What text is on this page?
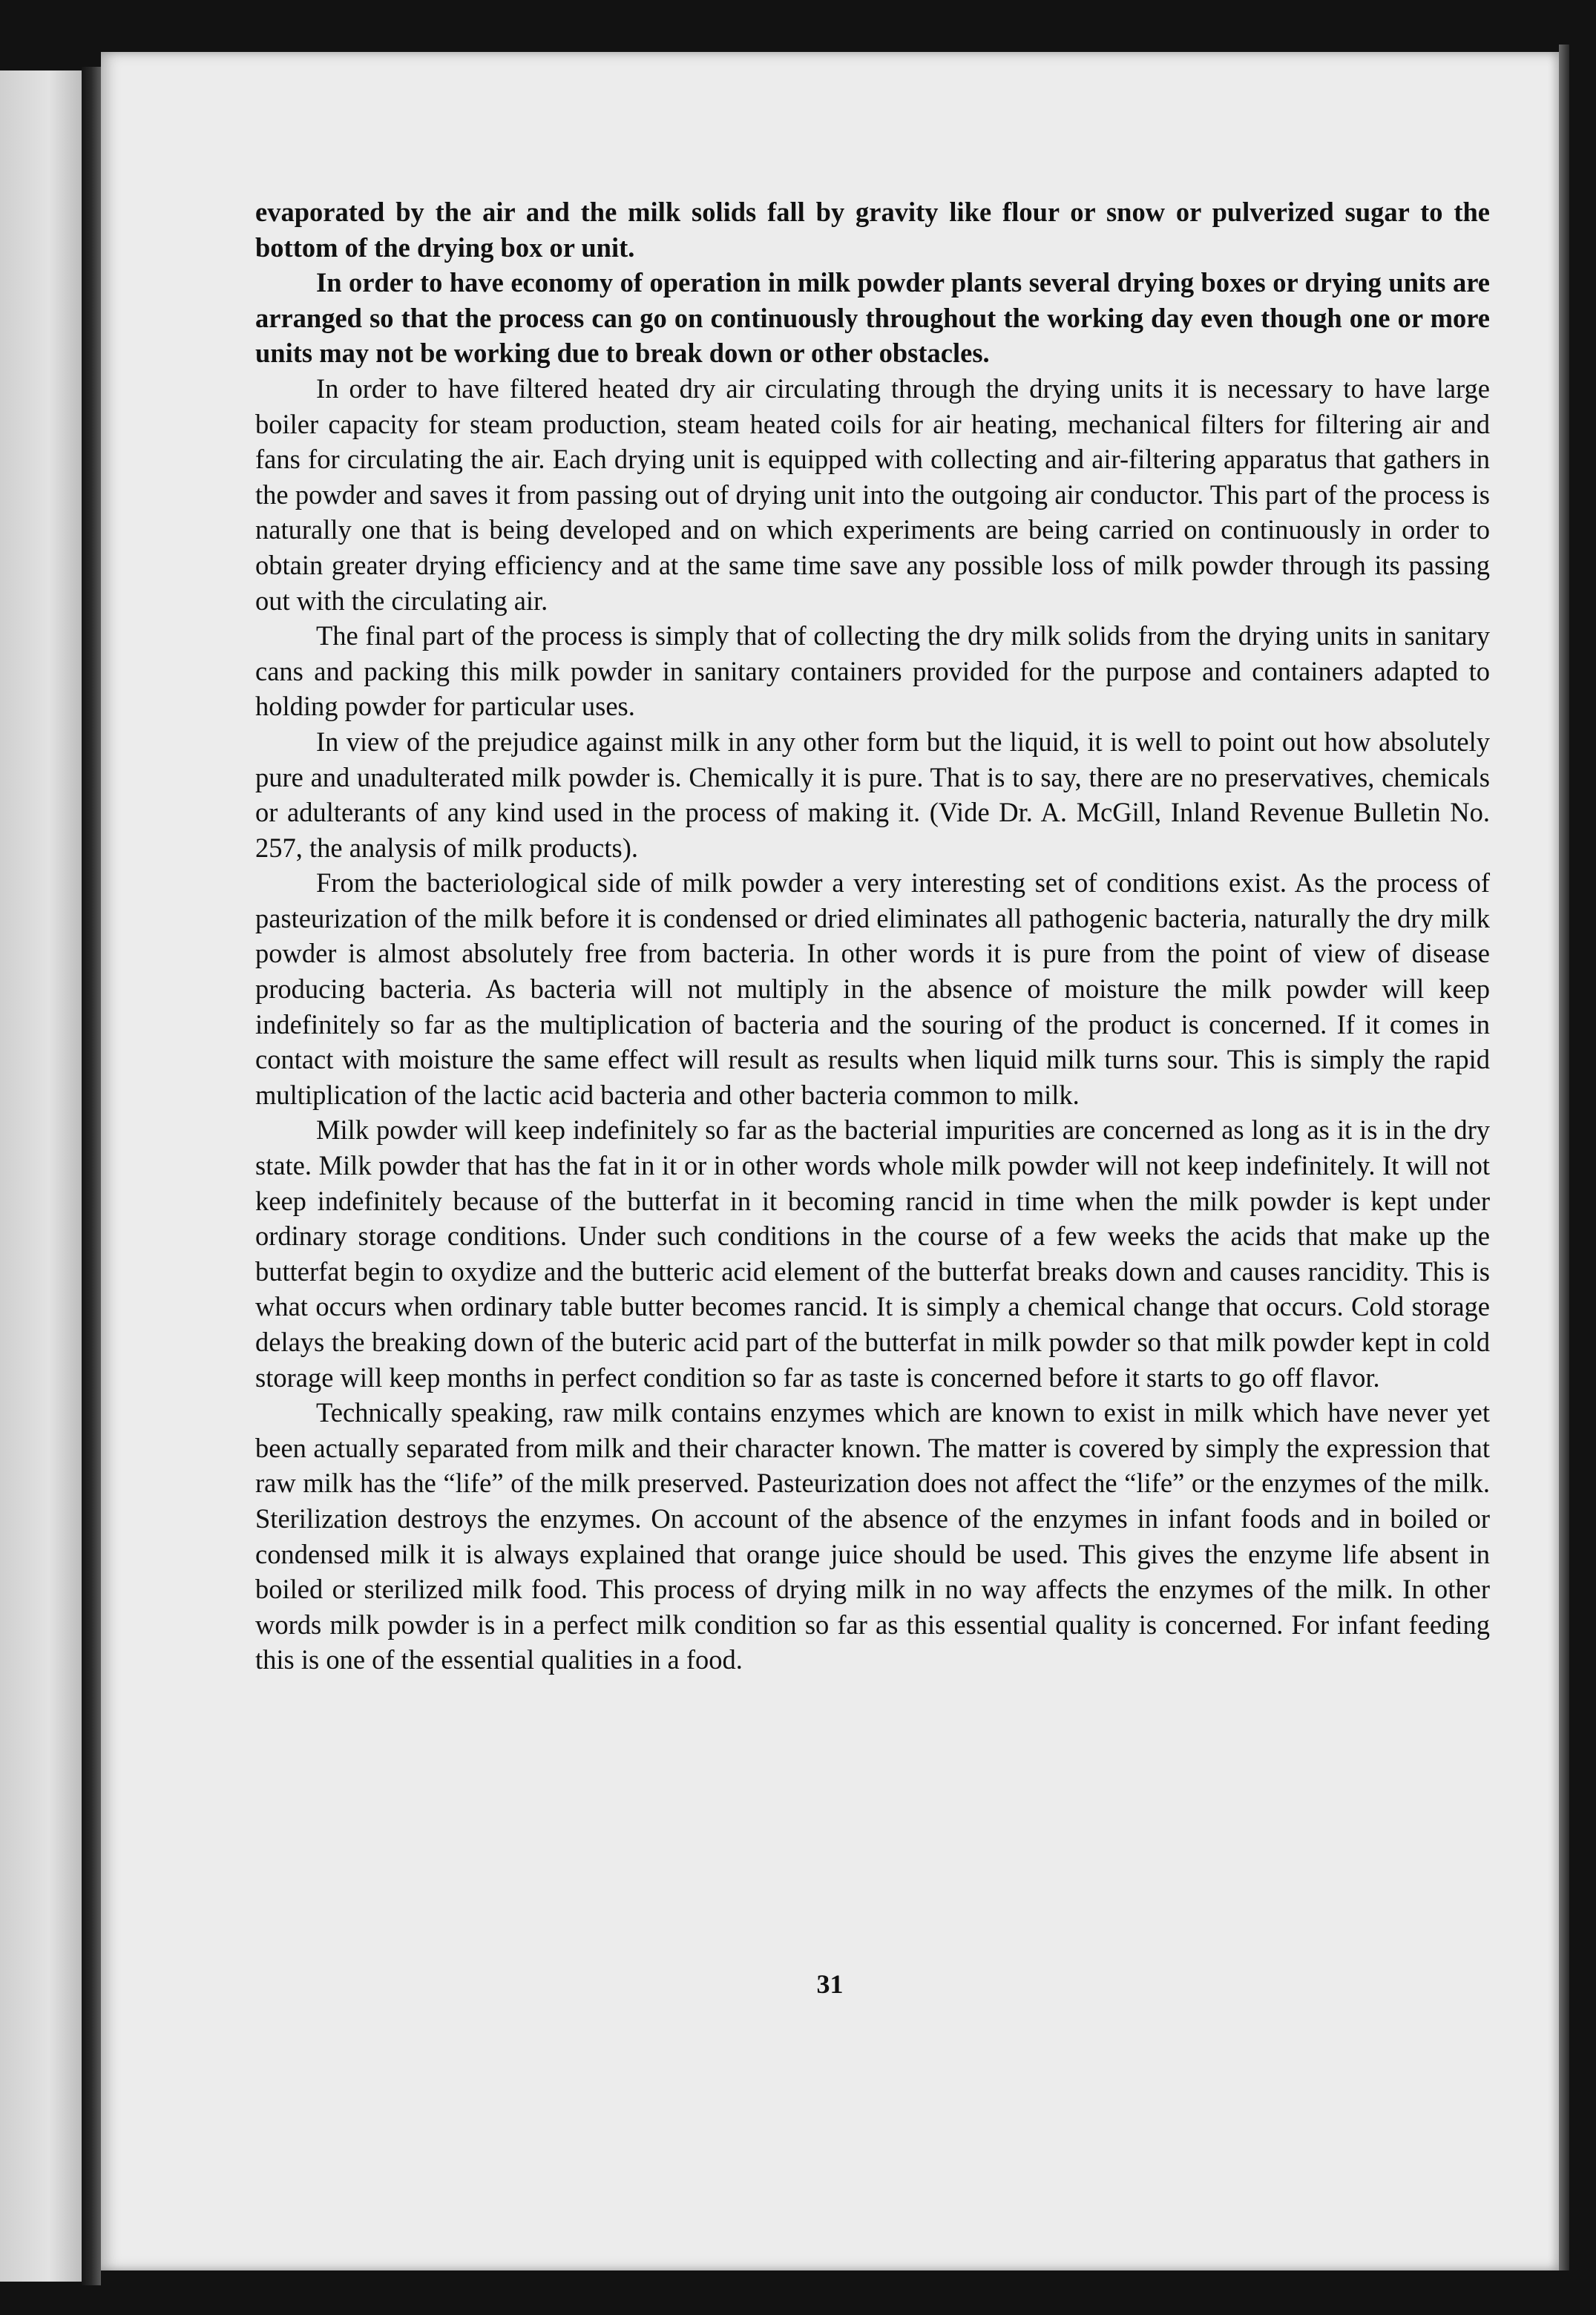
evaporated by the air and the milk solids fall by gravity like flour or snow or pulverized sugar to the bottom of the drying box or unit.

In order to have economy of operation in milk powder plants several drying boxes or drying units are arranged so that the process can go on continuously throughout the working day even though one or more units may not be working due to break down or other obstacles.

In order to have filtered heated dry air circulating through the drying units it is necessary to have large boiler capacity for steam production, steam heated coils for air heating, mechanical filters for filtering air and fans for circulating the air. Each drying unit is equipped with collecting and air-filtering apparatus that gathers in the powder and saves it from passing out of drying unit into the outgoing air conductor. This part of the process is naturally one that is being developed and on which experiments are being carried on continuously in order to obtain greater drying efficiency and at the same time save any possible loss of milk powder through its passing out with the circulating air.

The final part of the process is simply that of collecting the dry milk solids from the drying units in sanitary cans and packing this milk powder in sanitary containers provided for the purpose and containers adapted to holding powder for particular uses.

In view of the prejudice against milk in any other form but the liquid, it is well to point out how absolutely pure and unadulterated milk powder is. Chemically it is pure. That is to say, there are no preservatives, chemicals or adulterants of any kind used in the process of making it. (Vide Dr. A. McGill, Inland Revenue Bulletin No. 257, the analysis of milk products).

From the bacteriological side of milk powder a very interesting set of conditions exist. As the process of pasteurization of the milk before it is condensed or dried eliminates all pathogenic bacteria, naturally the dry milk powder is almost absolutely free from bacteria. In other words it is pure from the point of view of disease producing bacteria. As bacteria will not multiply in the absence of moisture the milk powder will keep indefinitely so far as the multiplication of bacteria and the souring of the product is concerned. If it comes in contact with moisture the same effect will result as results when liquid milk turns sour. This is simply the rapid multiplication of the lactic acid bacteria and other bacteria common to milk.

Milk powder will keep indefinitely so far as the bacterial impurities are concerned as long as it is in the dry state. Milk powder that has the fat in it or in other words whole milk powder will not keep indefinitely. It will not keep indefinitely because of the butterfat in it becoming rancid in time when the milk powder is kept under ordinary storage conditions. Under such conditions in the course of a few weeks the acids that make up the butterfat begin to oxydize and the butteric acid element of the butterfat breaks down and causes rancidity. This is what occurs when ordinary table butter becomes rancid. It is simply a chemical change that occurs. Cold storage delays the breaking down of the buteric acid part of the butterfat in milk powder so that milk powder kept in cold storage will keep months in perfect condition so far as taste is concerned before it starts to go off flavor.

Technically speaking, raw milk contains enzymes which are known to exist in milk which have never yet been actually separated from milk and their character known. The matter is covered by simply the expression that raw milk has the “life” of the milk preserved. Pasteurization does not affect the “life” or the enzymes of the milk. Sterilization destroys the enzymes. On account of the absence of the enzymes in infant foods and in boiled or condensed milk it is always explained that orange juice should be used. This gives the enzyme life absent in boiled or sterilized milk food. This process of drying milk in no way affects the enzymes of the milk. In other words milk powder is in a perfect milk condition so far as this essential quality is concerned. For infant feeding this is one of the essential qualities in a food.

31
